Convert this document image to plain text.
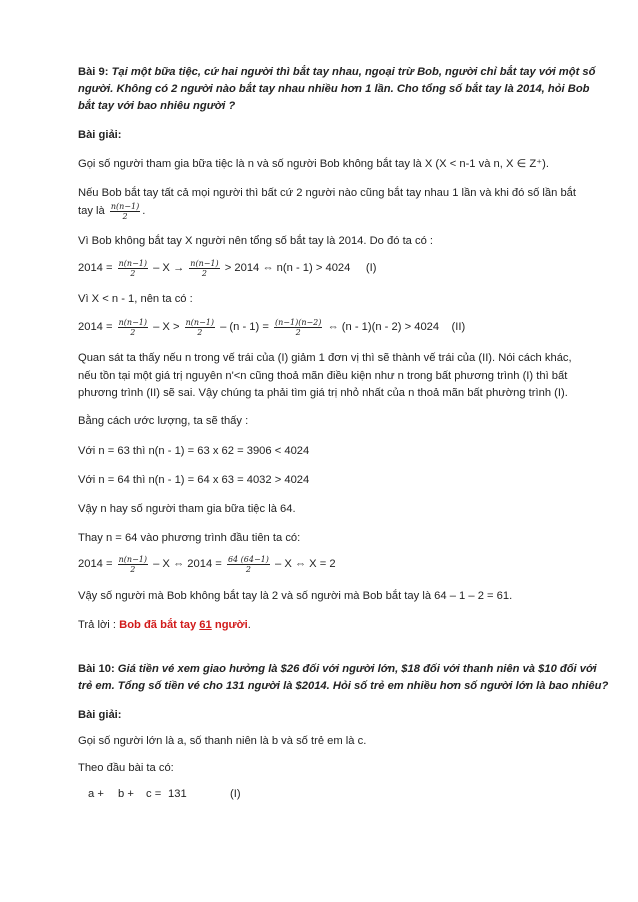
Bài 9: Tại một bữa tiệc, cứ hai người thì bắt tay nhau, ngoại trừ Bob, người chỉ bắt tay với một số
người. Không có 2 người nào bắt tay nhau nhiều hơn 1 lần. Cho tổng số bắt tay là 2014, hỏi Bob
bắt tay với bao nhiêu người ?
Bài giải:
Gọi số người tham gia bữa tiệc là n và số người Bob không bắt tay là X (X < n-1 và n, X ∈ Z⁺).
Nếu Bob bắt tay tất cả mọi người thì bất cứ 2 người nào cũng bắt tay nhau 1 lần và khi đó số lần bắt
tay là $\frac{n(n-1)}{2}$ .
Vì Bob không bắt tay X người nên tổng số bắt tay là 2014. Do đó ta có :
$2014 = \frac{n(n-1)}{2} - X \to \frac{n(n-1)}{2} > 2014$ ⇔ n(n - 1) > 4024     (I)
Vì X < n - 1, nên ta có :
$2014 = \frac{n(n-1)}{2} - X > \frac{n(n-1)}{2} - (n - 1) = \frac{(n-1)(n-2)}{2}$ ⇔ (n - 1)(n - 2) > 4024    (II)
Quan sát ta thấy nếu n trong vế trái của (I) giảm 1 đơn vị thì sẽ thành vế trái của (II). Nói cách khác,
nếu tồn tại một giá trị nguyên n'<n cũng thoả mãn điều kiện như n trong bất phương trình (I) thì bất
phương trình (II) sẽ sai. Vậy chúng ta phải tìm giá trị nhỏ nhất của n thoả mãn bất phường trình (I).
Bằng cách ước lượng, ta sẽ thấy :
Với n = 63 thì n(n - 1) = 63 x 62 = 3906 < 4024
Với n = 64 thì n(n - 1) = 64 x 63 = 4032 > 4024
Vậy n hay số người tham gia bữa tiệc là 64.
Thay n = 64 vào phương trình đầu tiên ta có:
$2014 = \frac{n(n-1)}{2} - X$ ⇔ $2014 = \frac{64 (64-1)}{2} - X$ ⇔ X = 2
Vậy số người mà Bob không bắt tay là 2 và số người mà Bob bắt tay là 64 – 1 – 2 = 61.
Trả lời : Bob đã bắt tay 61 người.
Bài 10: Giá tiền vé xem giao hưởng là $26 đối với người lớn, $18 đối với thanh niên và $10 đối với
trẻ em. Tổng số tiền vé cho 131 người là $2014. Hỏi số trẻ em nhiều hơn số người lớn là bao nhiêu?
Bài giải:
Gọi số người lớn là a, số thanh niên là b và số trẻ em là c.
Theo đầu bài ta có:
a + b + c = 131	(I)
